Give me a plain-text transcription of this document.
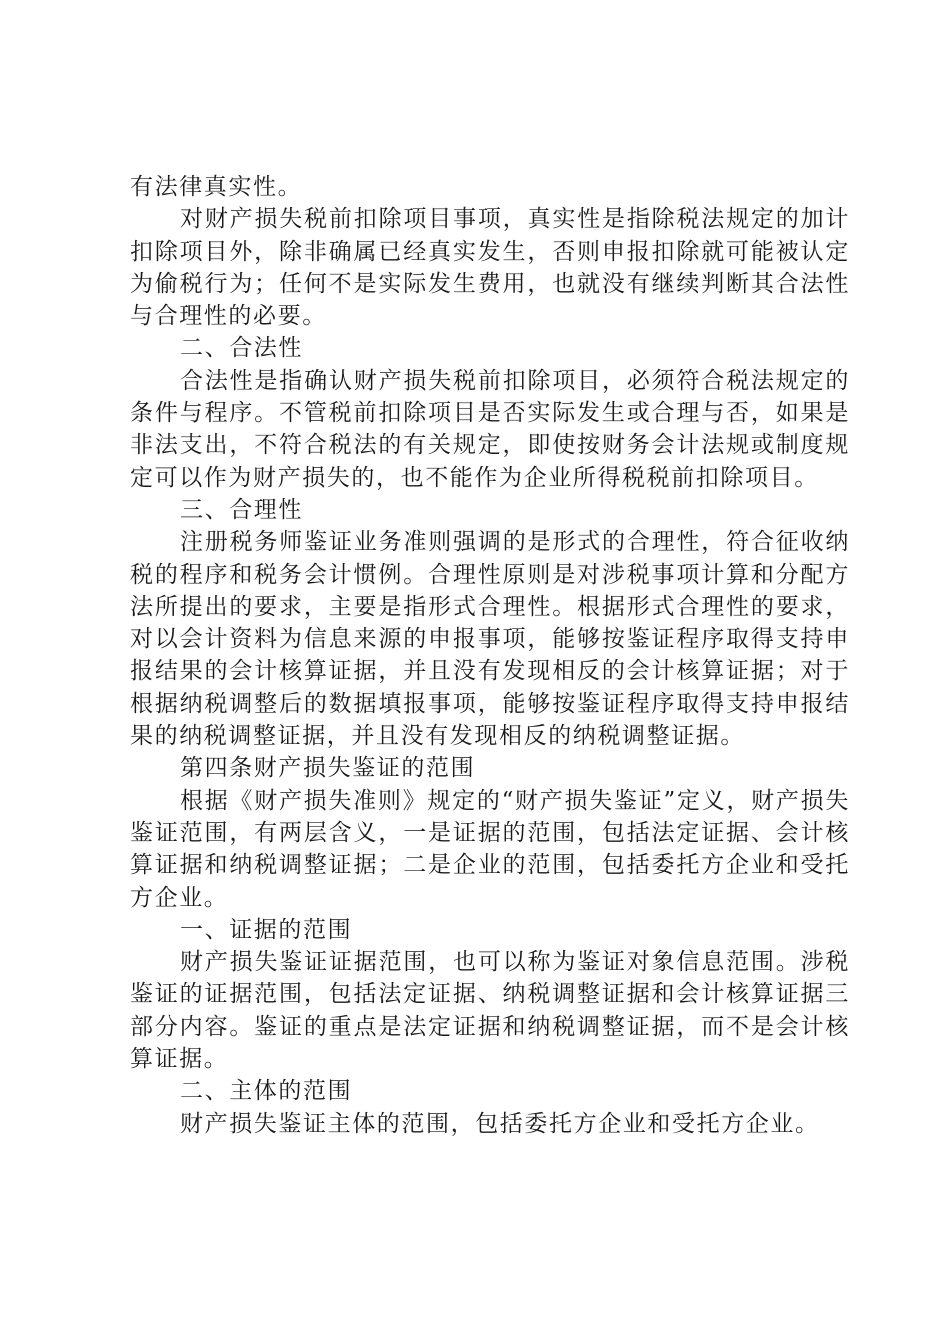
有法律真实性。

对财产损失税前扣除项目事项，真实性是指除税法规定的加计扣除项目外，除非确属已经真实发生，否则申报扣除就可能被认定为偷税行为；任何不是实际发生费用，也就没有继续判断其合法性与合理性的必要。

二、合法性

合法性是指确认财产损失税前扣除项目，必须符合税法规定的条件与程序。不管税前扣除项目是否实际发生或合理与否，如果是非法支出，不符合税法的有关规定，即使按财务会计法规或制度规定可以作为财产损失的，也不能作为企业所得税税前扣除项目。

三、合理性

注册税务师鉴证业务准则强调的是形式的合理性，符合征收纳税的程序和税务会计惯例。合理性原则是对涉税事项计算和分配方法所提出的要求，主要是指形式合理性。根据形式合理性的要求，对以会计资料为信息来源的申报事项，能够按鉴证程序取得支持申报结果的会计核算证据，并且没有发现相反的会计核算证据；对于根据纳税调整后的数据填报事项，能够按鉴证程序取得支持申报结果的纳税调整证据，并且没有发现相反的纳税调整证据。

第四条财产损失鉴证的范围

根据《财产损失准则》规定的“财产损失鉴证”定义，财产损失鉴证范围，有两层含义，一是证据的范围，包括法定证据、会计核算证据和纳税调整证据；二是企业的范围，包括委托方企业和受托方企业。

一、证据的范围

财产损失鉴证证据范围，也可以称为鉴证对象信息范围。涉税鉴证的证据范围，包括法定证据、纳税调整证据和会计核算证据三部分内容。鉴证的重点是法定证据和纳税调整证据，而不是会计核算证据。

二、主体的范围

财产损失鉴证主体的范围，包括委托方企业和受托方企业。
